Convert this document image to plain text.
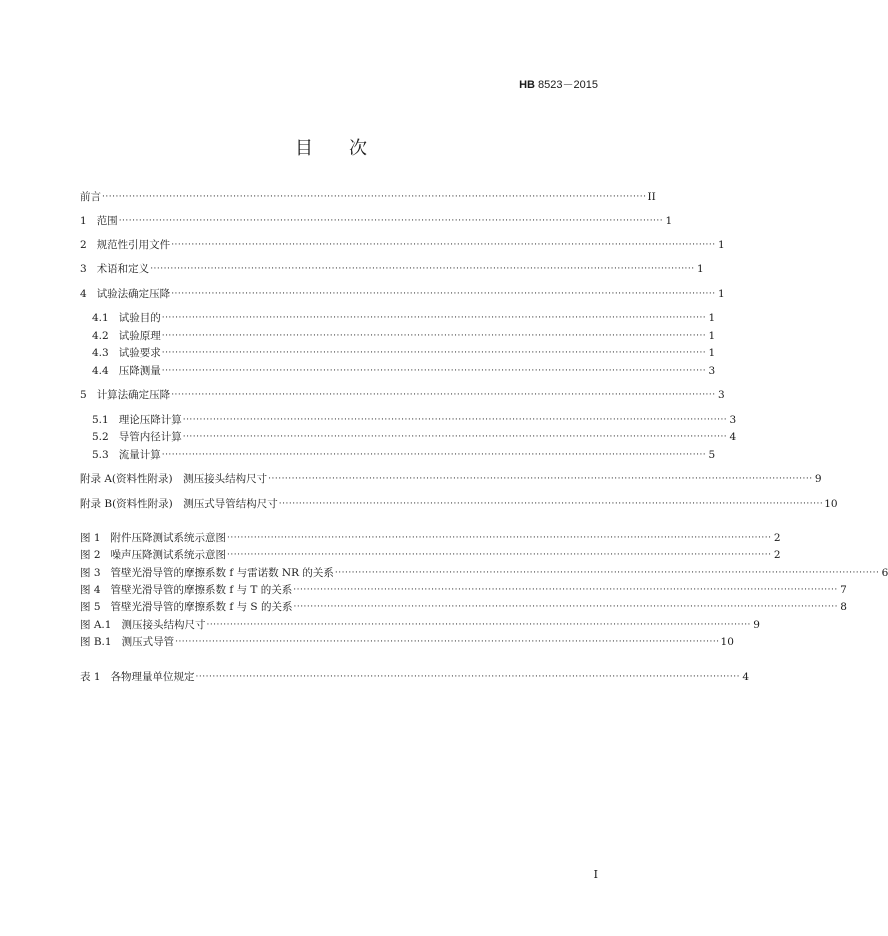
HB 8523－2015
目次
前言 ·································································································································································· II
1 范围 ·································································································································································· 1
2 规范性引用文件 ·································································································································································· 1
3 术语和定义 ·································································································································································· 1
4 试验法确定压降 ·································································································································································· 1
4.1 试验目的 ·································································································································································· 1
4.2 试验原理 ·································································································································································· 1
4.3 试验要求 ·································································································································································· 1
4.4 压降测量 ·································································································································································· 3
5 计算法确定压降 ·································································································································································· 3
5.1 理论压降计算 ·································································································································································· 3
5.2 导管内径计算 ·································································································································································· 4
5.3 流量计算 ·································································································································································· 5
附录 A (资料性附录)　测压接头结构尺寸 ·································································································································································· 9
附录 B (资料性附录)　测压式导管结构尺寸 ·································································································································································· 10
图 1 附件压降测试系统示意图 ·································································································································································· 2
图 2 噪声压降测试系统示意图 ·································································································································································· 2
图 3 管壁光滑导管的摩擦系数 f 与雷诺数 NR 的关系 ·································································································································································· 6
图 4 管壁光滑导管的摩擦系数 f 与 T 的关系 ·································································································································································· 7
图 5 管壁光滑导管的摩擦系数 f 与 S 的关系 ·································································································································································· 8
图 A.1 测压接头结构尺寸 ·································································································································································· 9
图 B.1 测压式导管 ·································································································································································· 10
表 1 各物理量单位规定 ·································································································································································· 4
I
